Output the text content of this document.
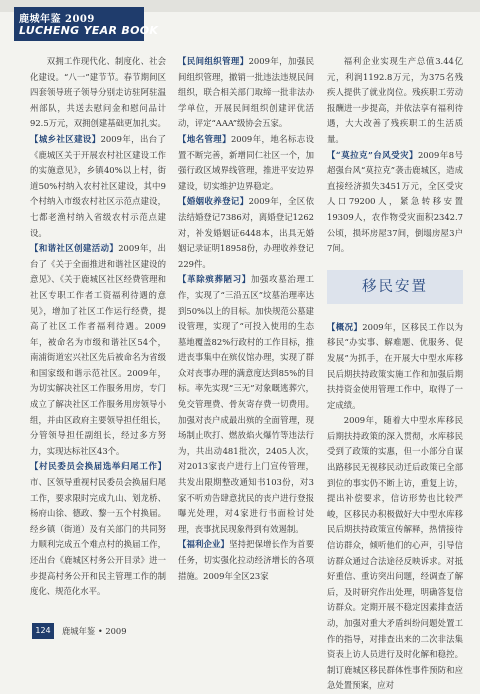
鹿城年鉴 2009
LUCHENG YEAR BOOK

双拥工作现代化、制度化、社会化建设。“八一”建节节。春节期间区四套领导班子领导分别走访驻阿驻温州部队，共送去慰问金和慰问品计92.5万元，双拥创建基础更加扎实。

【城乡社区建设】2009年，出台了《鹿城区关于开展农村社区建设工作的实施意见》，乡镇40%以上村，街道50%村纳入农村社区建设，其中9个村纳入市级农村社区示范点建设，七都老渔村纳入省级农村示范点建设。

【和谐社区创建活动】2009年，出台了《关于全面推进和谐社区建设的意见》、《关于鹿城区社区经费管理和社区专职工作者工资福利待遇的意见》，增加了社区工作运行经费，提高了社区工作者福利待遇。2009年，被命名为市级和谐社区54个，南浦街道宏兴社区先后被命名为省级和国家级和谐示范社区。2009年，为切实解决社区工作服务用房，专门成立了解决社区工作服务用房领导小组，并由区政府主要领导担任组长，分管领导担任副组长，经过多方努力，实现达标社区43个。

【村民委员会换届选举归尾工作】市、区领导重视村民委员会换届归尾工作，要求限时完成九山、划龙桥、杨府山徐、德政、黎一五个村换届。经乡镇（街道）及有关部门的共同努力顺利完成五个难点村的换届工作，还出台《鹿城区村务公开目录》进一步提高村务公开和民主管理工作的制度化、规范化水平。

【民间组织管理】2009年，加强民间组织管理，撤销一批违法违规民间组织，联合相关部门取缔一批非法办学单位，开展民间组织创建评优活动，评定“AAA”级协会五家。

【地名管理】2009年，地名标志设置不断完善，新增同仁社区一个，加强行政区域界线管理，推进平安边界建设，切实维护边界稳定。

【婚姻收养登记】2009年，全区依法结婚登记7386对，离婚登记1262对，补发婚姻证6448本，出具无婚姻记录证明18958份，办理收养登记229件。

【革除殡葬陋习】加强攻墓治理工作，实现了“三沿五区”坟墓治理率达到50%以上的目标。加快规范公墓建设管理，实现了“可投入使用的生态墓地覆盖82%行政村的工作目标，推进丧事集中在殡仪馆办理，实现了群众对丧事办理的满意度达到85%的目标。率先实现“三无”对象嘅逃葬穴，免交管理费、骨灰寄存费一切费用。加强对丧户成最出殡的全面管理，现场制止吹打、燃放焰火爆竹等违法行为，共出动481批次，2405人次，对2013家丧户进行上门宣传管理，共发出限期整改通知书103份，对3家不听劝告肆意扰民的丧户进行登报曝光处理，对4家进行书面检讨处理，丧事扰民现象得到有效遏制。

【福利企业】坚持把保增长作为首要任务，切实强化拉动经济增长的各项措施。2009年全区23家

福利企业实现生产总值3.44亿元，利润1192.8万元，为375名残疾人提供了就业岗位。残疾职工劳动报酬进一步提高，并依法享有福利待遇，大大改善了残疾职工的生活质量。

【“莫拉克”台风受灾】2009年8号超强台风“莫拉克”袭击鹿城区，造成直接经济损失3451万元，全区受灾人口79200人，紧急转移安置19309人，农作物受灾面积2342.7公顷，损坏房屋37间，倒塌房屋3户7间。

移民安置

【概况】2009年，区移民工作以为移民“办实事、解难题、优服务、促发展”为抓手，在开展大中型水库移民后期扶持政策实施工作和加强后期扶持资金使用管理工作中，取得了一定成绩。

2009年，随着大中型水库移民后期扶持政策的深入贯彻，水库移民受到了政策的实惠，但一小部分自谋出路移民无视移民动迁后政策已全部到位的事实仍不断上访，重复上访，提出补偿要求，信访形势也比较严峻，区移民办积极做好大中型水库移民后期扶持政策宣传解释，热情接待信访群众，倾听他们的心声，引导信访群众通过合法途径反映诉求。对抵好重信、重访突出问题，经调查了解后，及时研究作出处理，明确答复信访群众。定期开展不稳定因素排查活动，加强对重大矛盾纠纷问题处置工作的指导，对排查出来的二次非法集资表上访人员进行及时化解和稳控。制订鹿城区移民群体性事件预防和应急处置预案，应对

124	鹿城年鉴 • 2009
